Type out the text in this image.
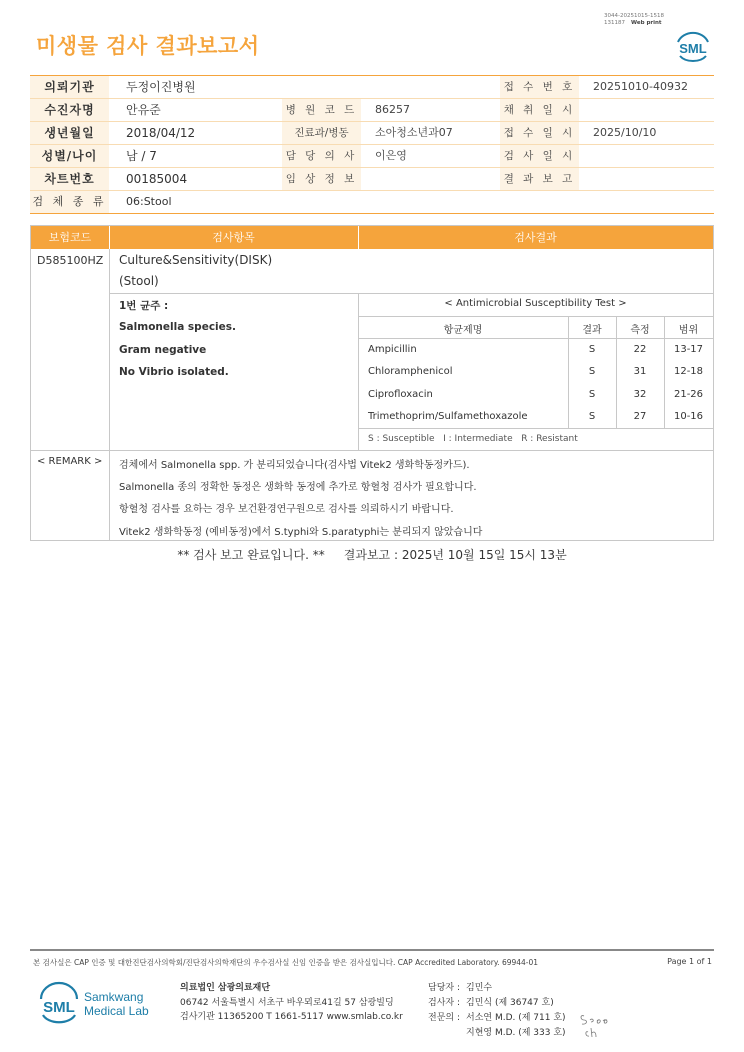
미생물 검사 결과보고서
3044-20251015-1518
131187 Web print
SML
의뢰기관	두정이진병원	접 수 번 호	20251010-40932
수진자명	안유준	병 원 코 드	86257	채 취 일 시
생년월일	2018/04/12	진료과/병동	소아청소년과07	접 수 일 시	2025/10/10
성별/나이	남 / 7	담 당 의 사	이은영	검 사 일 시
차트번호	00185004	임 상 정 보	결 과 보 고
검 체 종 류 06:Stool
보험코드	검사항목	검사결과
D585100HZ Culture&Sensitivity(DISK)
(Stool)
1번 균주 :
Salmonella species.
Gram negative
No Vibrio isolated.
< Antimicrobial Susceptibility Test >
항균제명	결과	측정	범위
Ampicillin	S	22	13-17
Chloramphenicol	S	31	12-18
Ciprofloxacin	S	32	21-26
Trimethoprim/Sulfamethoxazole	S	27	10-16
S : Susceptible   I : Intermediate   R : Resistant
< REMARK > 검체에서 Salmonella spp. 가 분리되었습니다(검사법 Vitek2 생화학동정카드).
Salmonella 종의 정확한 동정은 생화학 동정에 추가로 항혈청 검사가 필요합니다.
항혈청 검사를 요하는 경우 보건환경연구원으로 검사를 의뢰하시기 바랍니다.
Vitek2 생화학동정 (예비동정)에서 S.typhi와 S.paratyphi는 분리되지 않았습니다
** 검사 보고 완료입니다. **     결과보고 : 2025년 10월 15일 15시 13분
본 검사실은 CAP 인증 및 대한진단검사의학회/진단검사의학재단의 우수검사실 신임 인증을 받은 검사실입니다. CAP Accredited Laboratory. 69944-01	Page 1 of 1
SML
Samkwang
Medical Lab
의료법인 삼광의료재단
06742 서울특별시 서초구 바우뫼로41길 57 삼광빌딩
검사기관 11365200 T 1661-5117 www.smlab.co.kr
담당자 : 김민수
검사자 : 김민식 (제 36747 호)
전문의 : 서소연 M.D. (제 711 호)
지현영 M.D. (제 333 호)
